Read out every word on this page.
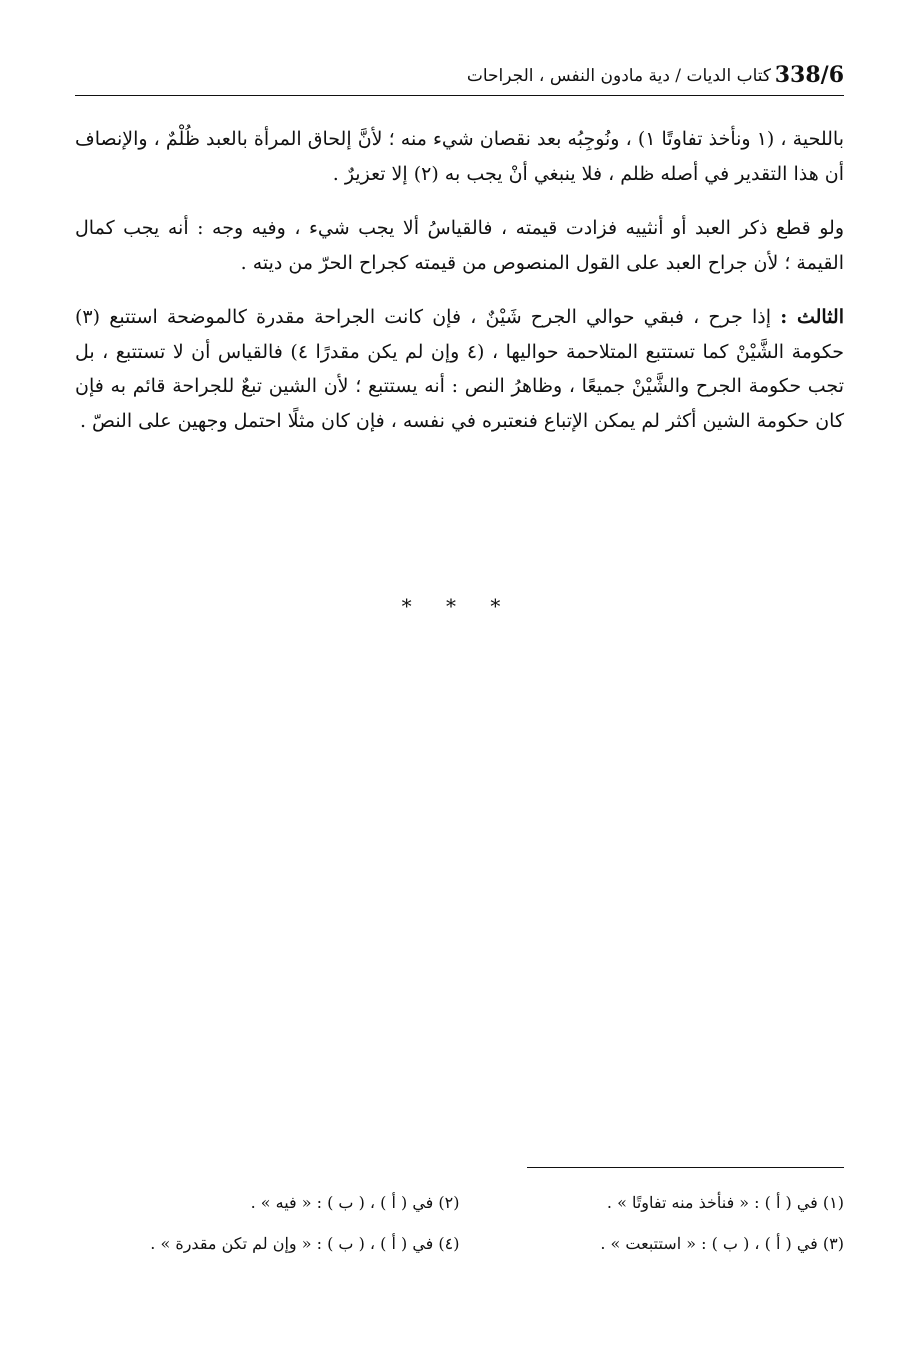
338/6
كتاب الديات / دية مادون النفس ، الجراحات

باللحية ، (١ ونأخذ تفاوتًا ١) ، ونُوجِبُه بعد نقصان شيء منه ؛ لأنَّ إلحاق المرأة بالعبد ظُلْمٌ ، والإنصاف أن هذا التقدير في أصله ظلم ، فلا ينبغي أنْ يجب به (٢) إلا تعزيرٌ .

ولو قطع ذكر العبد أو أنثييه فزادت قيمته ، فالقياسُ ألا يجب شيء ، وفيه وجه : أنه يجب كمال القيمة ؛ لأن جراح العبد على القول المنصوص من قيمته كجراح الحرّ من ديته .

الثالث : إذا جرح ، فبقي حوالي الجرح شَيْنٌ ، فإن كانت الجراحة مقدرة كالموضحة استتبع (٣) حكومة الشَّيْنْ كما تستتبع المتلاحمة حواليها ، (٤ وإن لم يكن مقدرًا ٤) فالقياس أن لا تستتبع ، بل تجب حكومة الجرح والشَّيْنْ جميعًا ، وظاهرُ النص : أنه يستتبع ؛ لأن الشين تبعٌ للجراحة قائم به فإن كان حكومة الشين أكثر لم يمكن الإتباع فنعتبره في نفسه ، فإن كان مثلًا احتمل وجهين على النصّ .

* * *
(١) في ( أ ) : « فنأخذ منه تفاوتًا » .
(٢) في ( أ ) ، ( ب ) : « فيه » .
(٣) في ( أ ) ، ( ب ) : « استتبعت » .
(٤) في ( أ ) ، ( ب ) : « وإن لم تكن مقدرة » .
